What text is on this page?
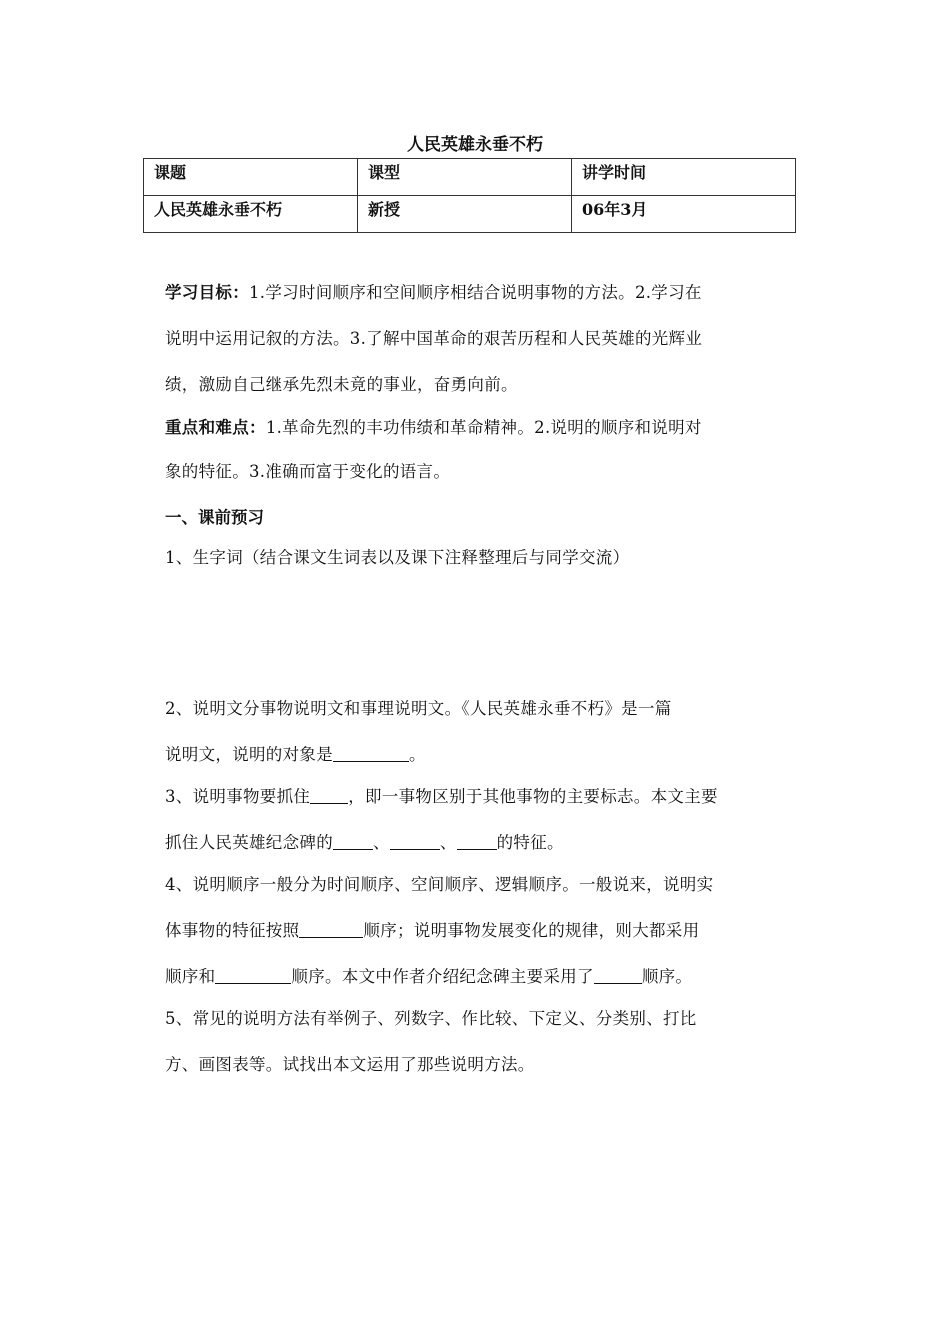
人民英雄永垂不朽
课题	课型	讲学时间
人民英雄永垂不朽	新授	06年3月
学习目标：1.学习时间顺序和空间顺序相结合说明事物的方法。2.学习在
说明中运用记叙的方法。3.了解中国革命的艰苦历程和人民英雄的光辉业
绩，激励自己继承先烈未竟的事业，奋勇向前。
重点和难点：1.革命先烈的丰功伟绩和革命精神。2.说明的顺序和说明对
象的特征。3.准确而富于变化的语言。
一、课前预习
1、生字词（结合课文生词表以及课下注释整理后与同学交流）
2、说明文分事物说明文和事理说明文。《人民英雄永垂不朽》是一篇
说明文，说明的对象是	。
3、说明事物要抓住 ，即一事物区别于其他事物的主要标志。本文主要
抓住人民英雄纪念碑的 、	、 的特征。
4、说明顺序一般分为时间顺序、空间顺序、逻辑顺序。一般说来，说明实
体事物的特征按照	顺序；说明事物发展变化的规律，则大都采用
顺序和	顺序。本文中作者介绍纪念碑主要采用了	顺序。
5、常见的说明方法有举例子、列数字、作比较、下定义、分类别、打比
方、画图表等。试找出本文运用了那些说明方法。
